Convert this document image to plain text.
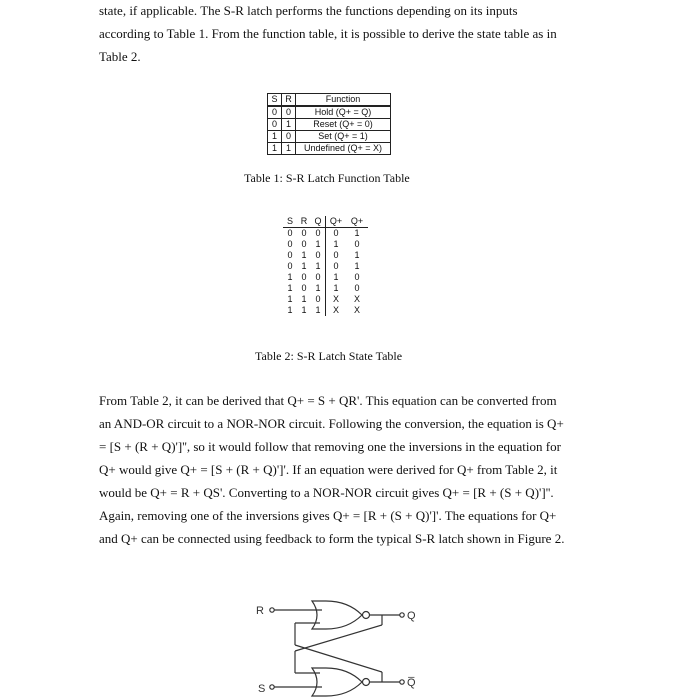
state, if applicable. The S-R latch performs the functions depending on its inputs
according to Table 1. From the function table, it is possible to derive the state table as in
Table 2.
S	R	Function
0	0	Hold (Q+ = Q)
0	1	Reset (Q+ = 0)
1	0	Set (Q+ = 1)
1	1	Undefined (Q+ = X)

Table 1: S-R Latch Function Table

S	R	Q	Q+	Q+
0	0	0	0	1
0	0	1	1	0
0	1	0	0	1
0	1	1	0	1
1	0	0	1	0
1	0	1	1	0
1	1	0	X	X
1	1	1	X	X

Table 2: S-R Latch State Table

From Table 2, it can be derived that Q+ = S + QR'. This equation can be converted from
an AND-OR circuit to a NOR-NOR circuit. Following the conversion, the equation is Q+
= [S + (R + Q)']'', so it would follow that removing one the inversions in the equation for
Q+ would give Q+ = [S + (R + Q)']'. If an equation were derived for Q+ from Table 2, it
would be Q+ = R + QS'. Converting to a NOR-NOR circuit gives Q+ = [R + (S + Q)']''.
Again, removing one of the inversions gives Q+ = [R + (S + Q)']'. The equations for Q+
and Q+ can be connected using feedback to form the typical S-R latch shown in Figure 2.
R
S
Q
Q̅
